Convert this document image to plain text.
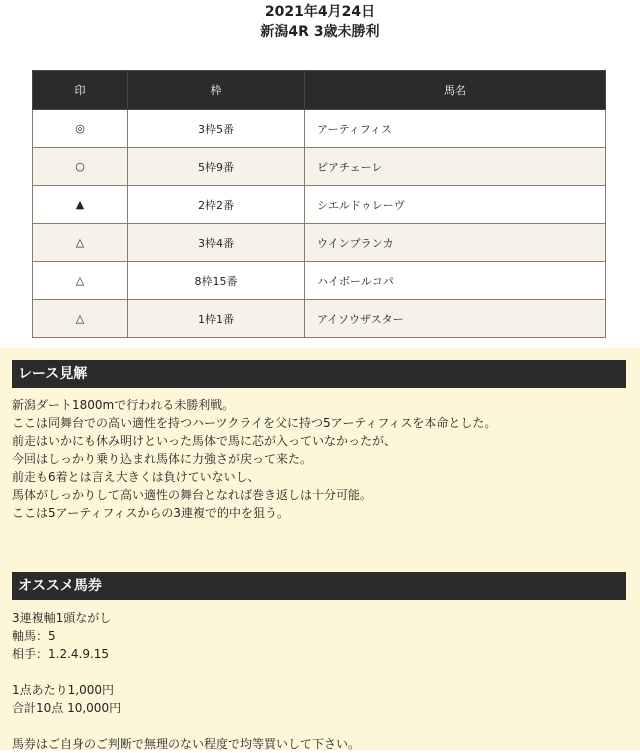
2021年4月24日
新潟4R 3歳未勝利
印	枠	馬名
◎	3枠5番	アーティフィス
○	5枠9番	ピアチェーレ
▲	2枠2番	シエルドゥレーヴ
△	3枠4番	ウインブランカ
△	8枠15番	ハイボールコパ
△	1枠1番	アイソウザスター
レース見解
新潟ダート1800mで行われる未勝利戦。
ここは同舞台での高い適性を持つハーツクライを父に持つ5アーティフィスを本命とした。
前走はいかにも休み明けといった馬体で馬に芯が入っていなかったが、
今回はしっかり乗り込まれ馬体に力強さが戻って来た。
前走も6着とは言え大きくは負けていないし、
馬体がしっかりして高い適性の舞台となれば巻き返しは十分可能。
ここは5アーティフィスからの3連複で的中を狙う。
オススメ馬券
3連複軸1頭ながし
軸馬：5
相手：1.2.4.9.15
1点あたり1,000円
合計10点 10,000円
馬券はご自身のご判断で無理のない程度で均等買いして下さい。
